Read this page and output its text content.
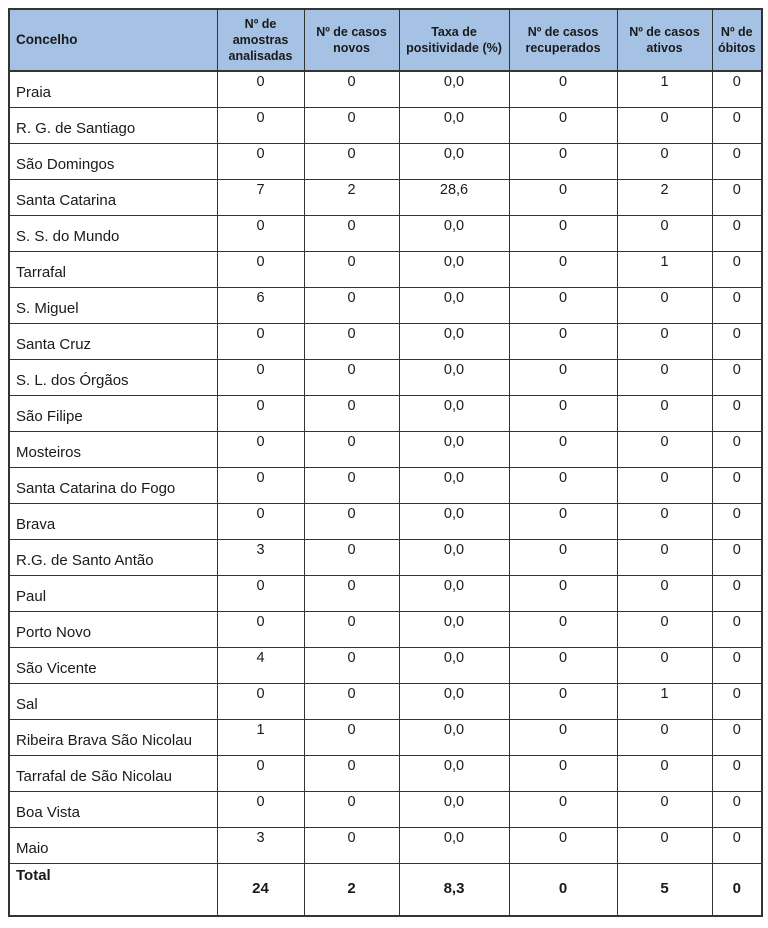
Concelho	Nº de amostras analisadas	Nº de casos novos	Taxa de positividade (%)	Nº de casos recuperados	Nº de casos ativos	Nº de óbitos
Praia	0	0	0,0	0	1	0
R. G. de Santiago	0	0	0,0	0	0	0
São Domingos	0	0	0,0	0	0	0
Santa Catarina	7	2	28,6	0	2	0
S. S. do Mundo	0	0	0,0	0	0	0
Tarrafal	0	0	0,0	0	1	0
S. Miguel	6	0	0,0	0	0	0
Santa Cruz	0	0	0,0	0	0	0
S. L. dos Órgãos	0	0	0,0	0	0	0
São Filipe	0	0	0,0	0	0	0
Mosteiros	0	0	0,0	0	0	0
Santa Catarina do Fogo	0	0	0,0	0	0	0
Brava	0	0	0,0	0	0	0
R.G. de Santo Antão	3	0	0,0	0	0	0
Paul	0	0	0,0	0	0	0
Porto Novo	0	0	0,0	0	0	0
São Vicente	4	0	0,0	0	0	0
Sal	0	0	0,0	0	1	0
Ribeira Brava São Nicolau	1	0	0,0	0	0	0
Tarrafal de São Nicolau	0	0	0,0	0	0	0
Boa Vista	0	0	0,0	0	0	0
Maio	3	0	0,0	0	0	0
Total	24	2	8,3	0	5	0
